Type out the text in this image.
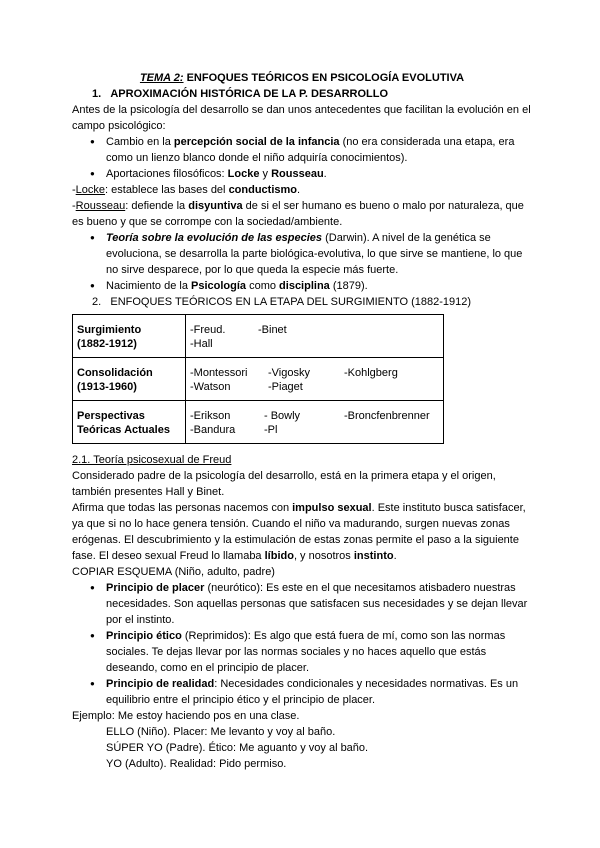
TEMA 2: ENFOQUES TEÓRICOS EN PSICOLOGÍA EVOLUTIVA

1. APROXIMACIÓN HISTÓRICA DE LA P. DESARROLLO

Antes de la psicología del desarrollo se dan unos antecedentes que facilitan la evolución en el campo psicológico:

● Cambio en la percepción social de la infancia (no era considerada una etapa, era como un lienzo blanco donde el niño adquiría conocimientos).
● Aportaciones filosóficos: Locke y Rousseau.

-Locke: establece las bases del conductismo.

-Rousseau: defiende la disyuntiva de si el ser humano es bueno o malo por naturaleza, que es bueno y que se corrompe con la sociedad/ambiente.

● Teoría sobre la evolución de las especies (Darwin). A nivel de la genética se evoluciona, se desarrolla la parte biológica-evolutiva, lo que sirve se mantiene, lo que no sirve desparece, por lo que queda la especie más fuerte.
● Nacimiento de la Psicología como disciplina (1879).

2. ENFOQUES TEÓRICOS EN LA ETAPA DEL SURGIMIENTO (1882-1912)

Surgimiento
(1882-1912)	-Freud. -Binet
-Hall
Consolidación
(1913-1960)	-Montessori -Vigosky -Kohlgberg
-Watson -Piaget
Perspectivas
Teóricas Actuales	-Erikson - Bowly -Broncfenbrenner
-Bandura -Pl

2.1. Teoría psicosexual de Freud

Considerado padre de la psicología del desarrollo, está en la primera etapa y el origen, también presentes Hall y Binet.

Afirma que todas las personas nacemos con impulso sexual. Este instituto busca satisfacer, ya que si no lo hace genera tensión. Cuando el niño va madurando, surgen nuevas zonas erógenas. El descubrimiento y la estimulación de estas zonas permite el paso a la siguiente fase. El deseo sexual Freud lo llamaba líbido, y nosotros instinto.

COPIAR ESQUEMA (Niño, adulto, padre)

● Principio de placer (neurótico): Es este en el que necesitamos atisbadero nuestras necesidades. Son aquellas personas que satisfacen sus necesidades y se dejan llevar por el instinto.
● Principio ético (Reprimidos): Es algo que está fuera de mí, como son las normas sociales. Te dejas llevar por las normas sociales y no haces aquello que estás deseando, como en el principio de placer.
● Principio de realidad: Necesidades condicionales y necesidades normativas. Es un equilibrio entre el principio ético y el principio de placer.

Ejemplo: Me estoy haciendo pos en una clase.

ELLO (Niño). Placer: Me levanto y voy al baño.

SÚPER YO (Padre). Ético: Me aguanto y voy al baño.

YO (Adulto). Realidad: Pido permiso.
